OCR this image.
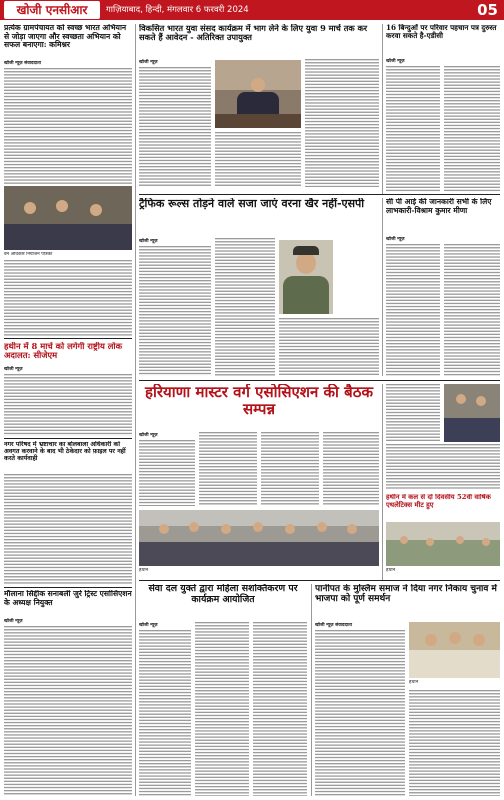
खोजी एनसीआर	गाज़ियाबाद, हिन्दी, मंगलवार 6 फरवरी 2024	05
प्रत्येक ग्रामपंचायत को स्वच्छ भारत अभियान से जोड़ा जाएगा और स्वच्छता अभियान को सफल बनाएगा: कमिश्नर
खोजी न्यूज़ संवाददाता
वन अधिकार नियोजन पत्रिका
हथीन में 8 मार्च को लगेगी राष्ट्रीय लोक अदालत: सीजेएम
खोजी न्यूज़
नगर परिषद में भ्रष्टाचार का बोलबाला अधिकारी को अवगत करवाने के बाद भी ठेकेदार को फ़ाइल पर नहीं करते कार्यवाही
मौलाना सिद्दीक सनाबली जुर्रे ट्रिस्ट एसोसिएशन के अध्यक्ष नियुक्त
खोजी न्यूज़
विकसित भारत युवा संसद कार्यक्रम में भाग लेने के लिए युवा 9 मार्च तक कर सकते हैं आवेदन - अतिरिक्त उपायुक्त
खोजी न्यूज़
16 बिन्दुओं पर परिवार पहचान पत्र दुरुस्त करवा सकते है-एडीसी
खोजी न्यूज़
ट्रैफिक रूल्स तोड़ने वाले सजा जाएं वरना खैर नहीं-एसपी
खोजी न्यूज़
सी पी आई की जानकारी सभी के लिए लाभकारी-विश्राम कुमार मीणा
खोजी न्यूज़
हरियाणा मास्टर वर्ग एसोसिएशन की बैठक सम्पन्न
खोजी न्यूज़
हथीन
हथीन में कल से दो दिवसीय 52वीं वार्षिक एथलेटिक्स मीट हुए
हथीन
सेवा दल युक्ते द्वारा महिला सशक्तिकरण पर कार्यक्रम आयोजित
खोजी न्यूज़
पानीपत के मुस्लिम समाज ने दिया नगर निकाय चुनाव में भाजपा को पूर्ण समर्थन
खोजी न्यूज़ संवाददाता
हथीन
